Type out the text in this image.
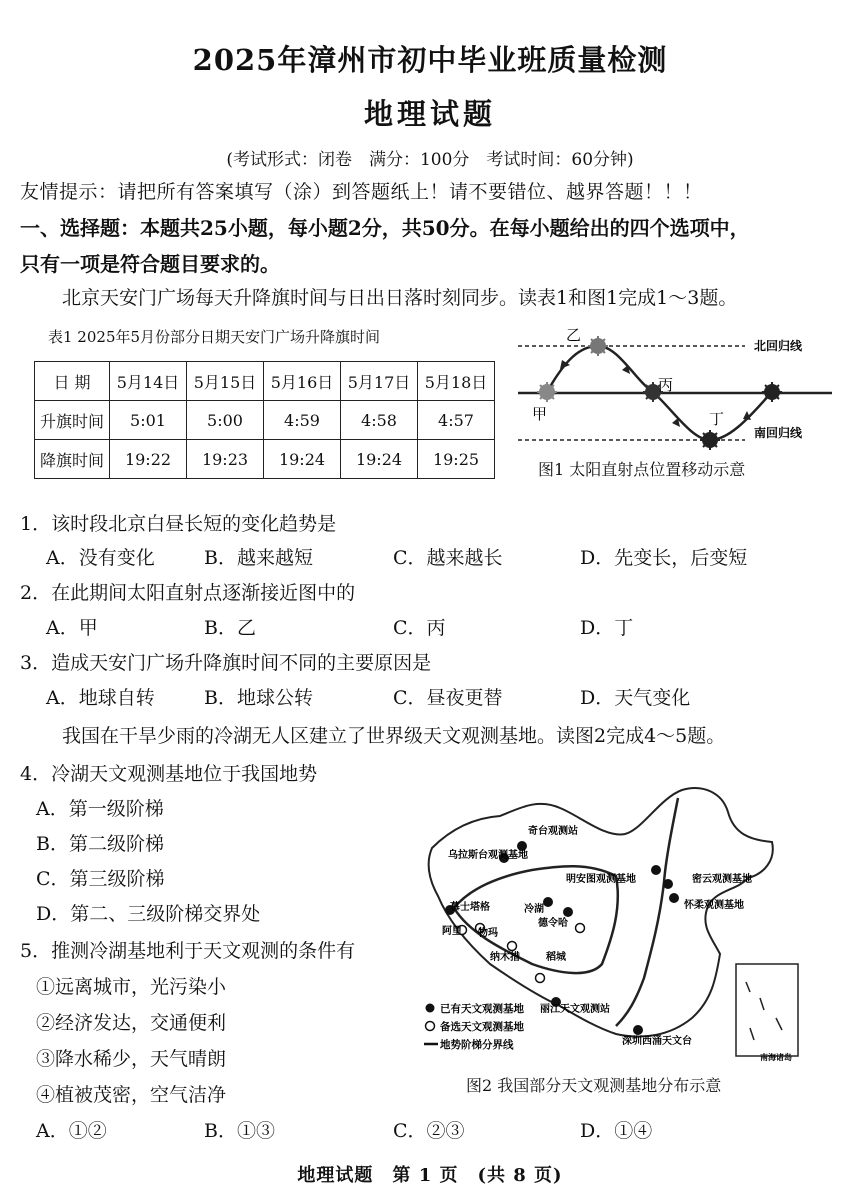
2025年漳州市初中毕业班质量检测
地理试题
(考试形式：闭卷　满分：100分　考试时间：60分钟)
友情提示：请把所有答案填写（涂）到答题纸上！请不要错位、越界答题！！！
一、选择题：本题共25小题，每小题2分，共50分。在每小题给出的四个选项中，
只有一项是符合题目要求的。
北京天安门广场每天升降旗时间与日出日落时刻同步。读表1和图1完成1～3题。
表1 2025年5月份部分日期天安门广场升降旗时间
日 期	5月14日	5月15日	5月16日	5月17日	5月18日
升旗时间	5:01	5:00	4:59	4:58	4:57
降旗时间	19:22	19:23	19:24	19:24	19:25
北回归线
南回归线
甲
乙
丙
丁
图1 太阳直射点位置移动示意
1．该时段北京白昼长短的变化趋势是
A．没有变化	B．越来越短	C．越来越长	D．先变长，后变短
2．在此期间太阳直射点逐渐接近图中的
A．甲	B．乙	C．丙	D．丁
3．造成天安门广场升降旗时间不同的主要原因是
A．地球自转	B．地球公转	C．昼夜更替	D．天气变化
我国在干旱少雨的冷湖无人区建立了世界级天文观测基地。读图2完成4～5题。
4．冷湖天文观测基地位于我国地势
A．第一级阶梯
B．第二级阶梯
C．第三级阶梯
D．第二、三级阶梯交界处
5．推测冷湖基地利于天文观测的条件有
①远离城市，光污染小
②经济发达，交通便利
③降水稀少，天气晴朗
④植被茂密，空气洁净
A．①②	B．①③	C．②③	D．①④
奇台观测站
乌拉斯台观测基地
明安图观测基地	密云观测基地
怀柔观测基地
慕士塔格	冷湖
德令哈
阿里 物玛
纳木措	稻城
丽江天文观测站
深圳西涌天文台
南海诸岛
已有天文观测基地
备选天文观测基地
地势阶梯分界线
图2 我国部分天文观测基地分布示意
地理试题　第 1 页　(共 8 页)
